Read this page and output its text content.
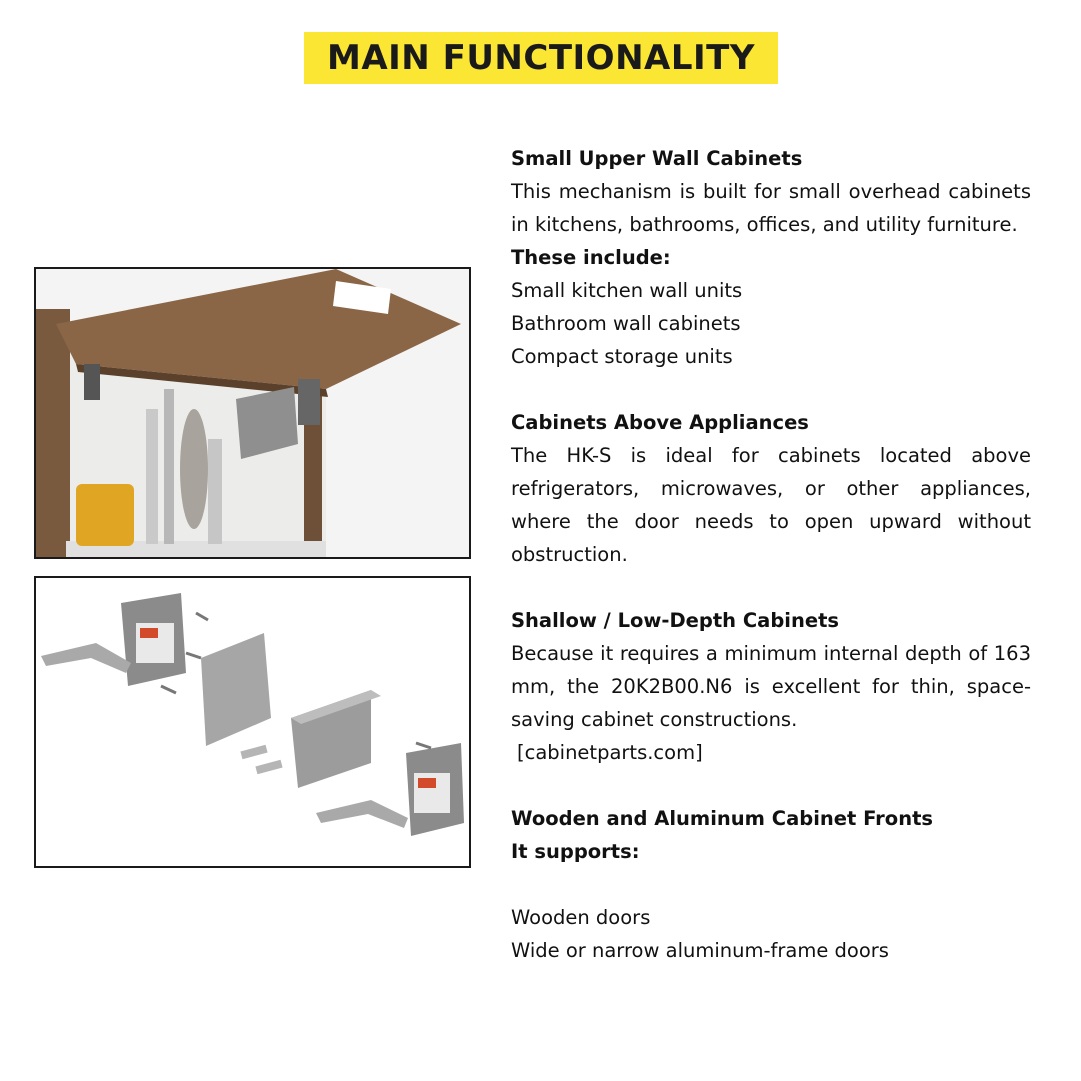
MAIN FUNCTIONALITY
Small Upper Wall Cabinets
This mechanism is built for small overhead cabinets in kitchens, bathrooms, offices, and utility furniture.
These include:
Small kitchen wall units
Bathroom wall cabinets
Compact storage units
Cabinets Above Appliances
The HK-S is ideal for cabinets located above refrigerators, microwaves, or other appliances, where the door needs to open upward without obstruction.
Shallow / Low-Depth Cabinets
Because it requires a minimum internal depth of 163 mm, the 20K2B00.N6 is excellent for thin, space-saving cabinet constructions.
[cabinetparts.com]
Wooden and Aluminum Cabinet Fronts
It supports:
Wooden doors
Wide or narrow aluminum-frame doors
